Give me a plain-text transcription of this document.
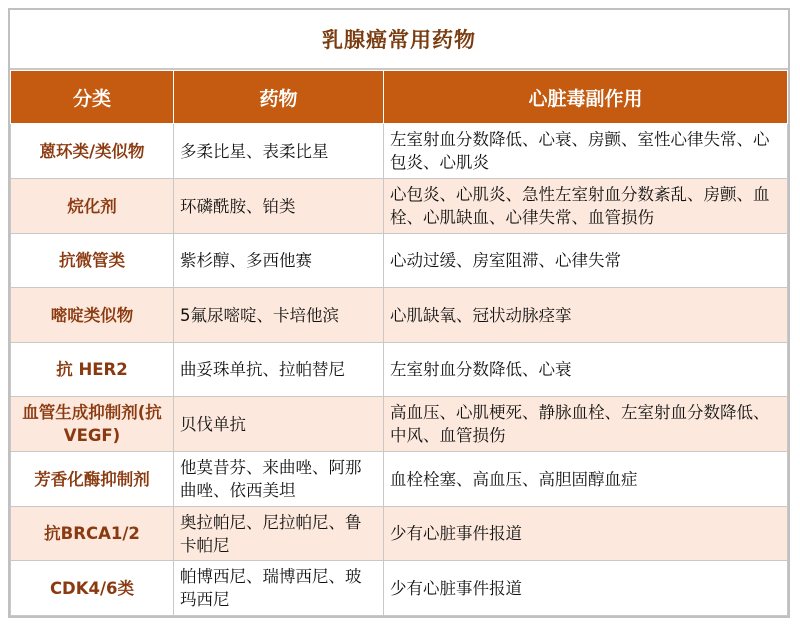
乳腺癌常用药物
分类	药物	心脏毒副作用
蒽环类/类似物	多柔比星、表柔比星	左室射血分数降低、心衰、房颤、室性心律失常、心包炎、心肌炎
烷化剂	环磷酰胺、铂类	心包炎、心肌炎、急性左室射血分数紊乱、房颤、血栓、心肌缺血、心律失常、血管损伤
抗微管类	紫杉醇、多西他赛	心动过缓、房室阻滞、心律失常
嘧啶类似物	5氟尿嘧啶、卡培他滨	心肌缺氧、冠状动脉痉挛
抗 HER2	曲妥珠单抗、拉帕替尼	左室射血分数降低、心衰
血管生成抑制剂(抗VEGF)	贝伐单抗	高血压、心肌梗死、静脉血栓、左室射血分数降低、中风、血管损伤
芳香化酶抑制剂	他莫昔芬、来曲唑、阿那曲唑、依西美坦	血栓栓塞、高血压、高胆固醇血症
抗BRCA1/2	奥拉帕尼、尼拉帕尼、鲁卡帕尼	少有心脏事件报道
CDK4/6类	帕博西尼、瑞博西尼、玻玛西尼	少有心脏事件报道
